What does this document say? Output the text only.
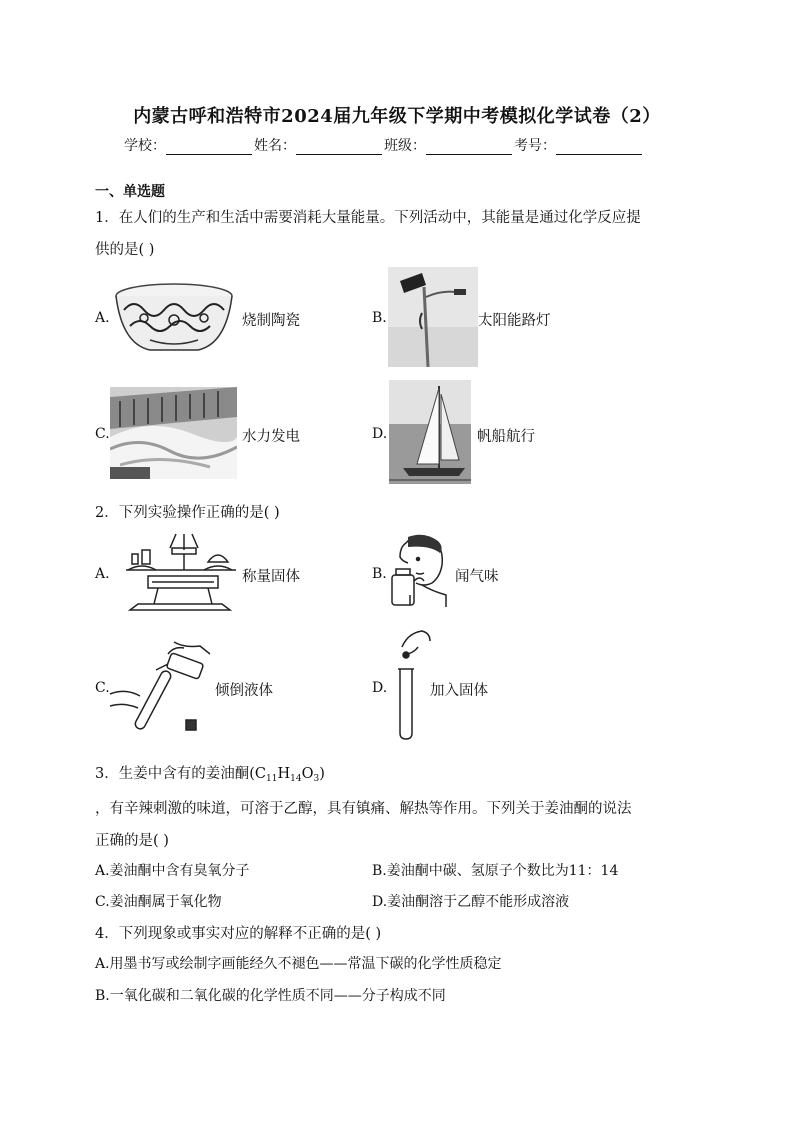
内蒙古呼和浩特市2024届九年级下学期中考模拟化学试卷（2）
学校：	姓名：	班级：	考号：
一、单选题
1．在人们的生产和生活中需要消耗大量能量。下列活动中，其能量是通过化学反应提
供的是( )
A.	烧制陶瓷	B.	太阳能路灯
C.	水力发电	D.	帆船航行
2．下列实验操作正确的是( )
A.	称量固体	B.	闻气味
C.	倾倒液体	D.	加入固体
3．生姜中含有的姜油酮$(C_{11}H_{14}O_3)$
，有辛辣刺激的味道，可溶于乙醇，具有镇痛、解热等作用。下列关于姜油酮的说法
正确的是( )
A.姜油酮中含有臭氧分子	B.姜油酮中碳、氢原子个数比为11：14
C.姜油酮属于氧化物	D.姜油酮溶于乙醇不能形成溶液
4．下列现象或事实对应的解释不正确的是( )
A.用墨书写或绘制字画能经久不褪色——常温下碳的化学性质稳定
B.一氧化碳和二氧化碳的化学性质不同——分子构成不同
